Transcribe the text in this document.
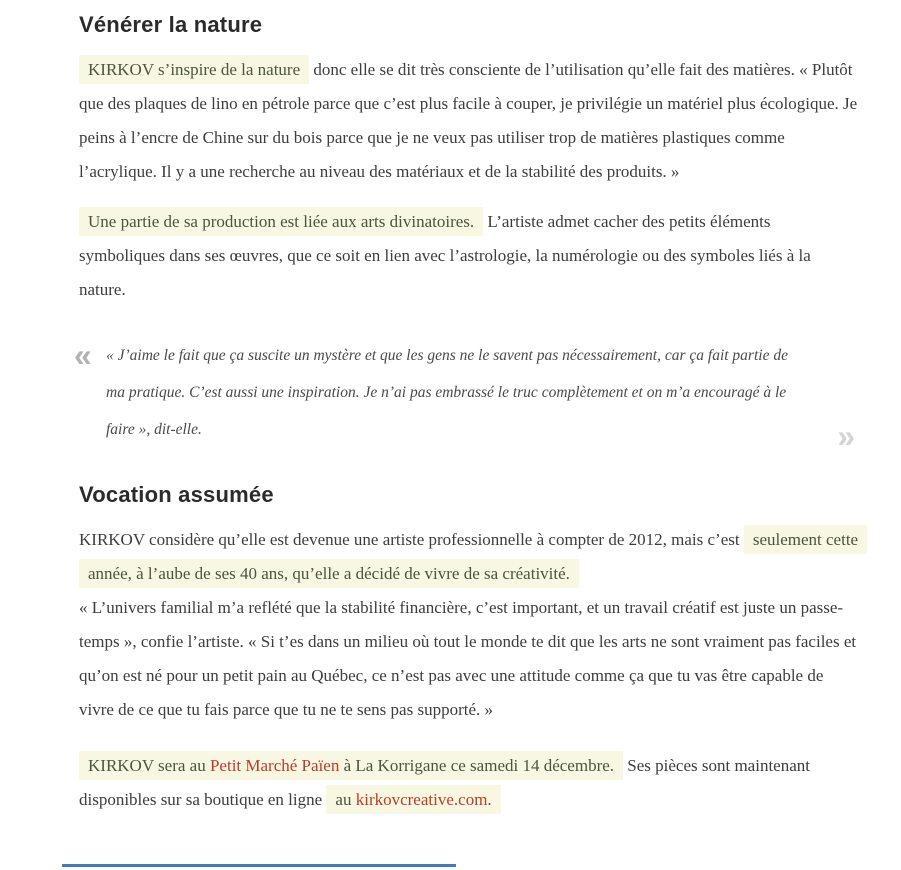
Vénérer la nature

KIRKOV s’inspire de la nature donc elle se dit très consciente de l’utilisation qu’elle fait des matières. « Plutôt que des plaques de lino en pétrole parce que c’est plus facile à couper, je privilégie un matériel plus écologique. Je peins à l’encre de Chine sur du bois parce que je ne veux pas utiliser trop de matières plastiques comme l’acrylique. Il y a une recherche au niveau des matériaux et de la stabilité des produits. »

Une partie de sa production est liée aux arts divinatoires. L’artiste admet cacher des petits éléments symboliques dans ses œuvres, que ce soit en lien avec l’astrologie, la numérologie ou des symboles liés à la nature.

« « J’aime le fait que ça suscite un mystère et que les gens ne le savent pas nécessairement, car ça fait partie de ma pratique. C’est aussi une inspiration. Je n’ai pas embrassé le truc complètement et on m’a encouragé à le faire », dit-elle.	»
Vocation assumée

KIRKOV considère qu’elle est devenue une artiste professionnelle à compter de 2012, mais c’est seulement cette année, à l’aube de ses 40 ans, qu’elle a décidé de vivre de sa créativité.
« L’univers familial m’a reflété que la stabilité financière, c’est important, et un travail créatif est juste un passe-temps », confie l’artiste. « Si t’es dans un milieu où tout le monde te dit que les arts ne sont vraiment pas faciles et qu’on est né pour un petit pain au Québec, ce n’est pas avec une attitude comme ça que tu vas être capable de vivre de ce que tu fais parce que tu ne te sens pas supporté. »

KIRKOV sera au Petit Marché Païen à La Korrigane ce samedi 14 décembre. Ses pièces sont maintenant disponibles sur sa boutique en ligne au kirkovcreative.com.
